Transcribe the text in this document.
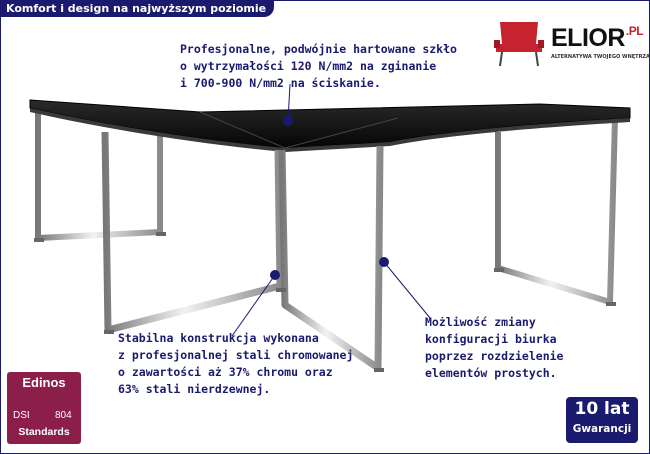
Komfort i design na najwyższym poziomie
Profesjonalne, podwójnie hartowane szkło
o wytrzymałości 120 N/mm2 na zginanie
i 700-900 N/mm2 na ściskanie.
Możliwość zmiany
konfiguracji biurka
poprzez rozdzielenie
elementów prostych.
Stabilna konstrukcja wykonana
z profesjonalnej stali chromowanej
o zawartości aż 37% chromu oraz
63% stali nierdzewnej.
$ELIOR^{.PL}$
ALTERNATYWA TWOJEGO WNĘTRZA
Edinos
DSI	804
Standards
10 lat
Gwarancji
